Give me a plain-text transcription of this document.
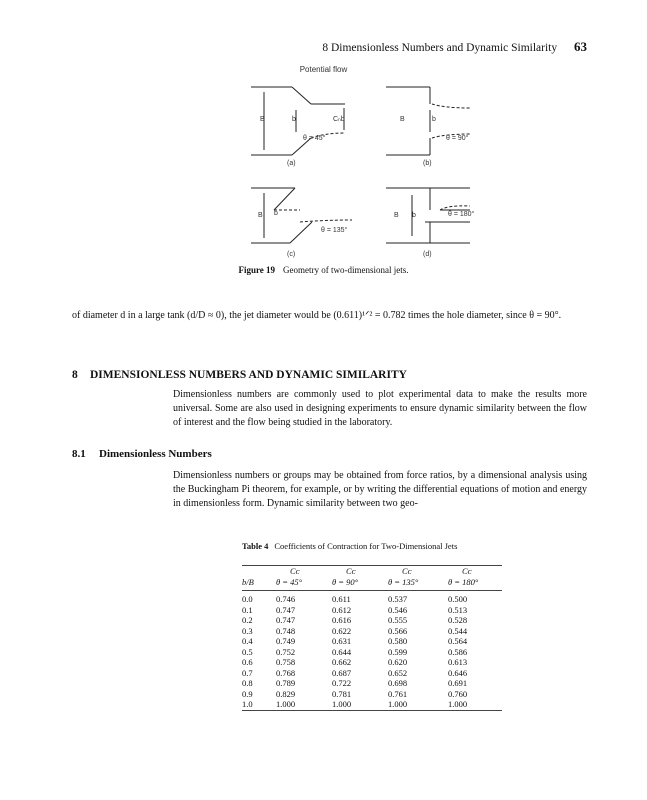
8 Dimensionless Numbers and Dynamic Similarity 63
Potential flow
B	b	Cₙb
θ = 45°
(a)
B	b
θ = 90°
(b)
B b
θ = 135°
(c)
B b	θ = 180°
(d)
Figure 19 Geometry of two-dimensional jets.
of diameter d in a large tank (d/D ≈ 0), the jet diameter would be (0.611)¹ᐟ² = 0.782 times the hole diameter, since θ = 90°.
8 DIMENSIONLESS NUMBERS AND DYNAMIC SIMILARITY
Dimensionless numbers are commonly used to plot experimental data to make the results more universal. Some are also used in designing experiments to ensure dynamic similarity between the flow of interest and the flow being studied in the laboratory.
8.1 Dimensionless Numbers
Dimensionless numbers or groups may be obtained from force ratios, by a dimensional analysis using the Buckingham Pi theorem, for example, or by writing the differential equations of motion and energy in dimensionless form. Dynamic similarity between two geo-
Table 4 Coefficients of Contraction for Two-Dimensional Jets
	Cᴄ	Cᴄ	Cᴄ	Cᴄ
b/B	θ = 45°	θ = 90°	θ = 135°	θ = 180°
0.0	0.746	0.611	0.537	0.500
0.1	0.747	0.612	0.546	0.513
0.2	0.747	0.616	0.555	0.528
0.3	0.748	0.622	0.566	0.544
0.4	0.749	0.631	0.580	0.564
0.5	0.752	0.644	0.599	0.586
0.6	0.758	0.662	0.620	0.613
0.7	0.768	0.687	0.652	0.646
0.8	0.789	0.722	0.698	0.691
0.9	0.829	0.781	0.761	0.760
1.0	1.000	1.000	1.000	1.000
